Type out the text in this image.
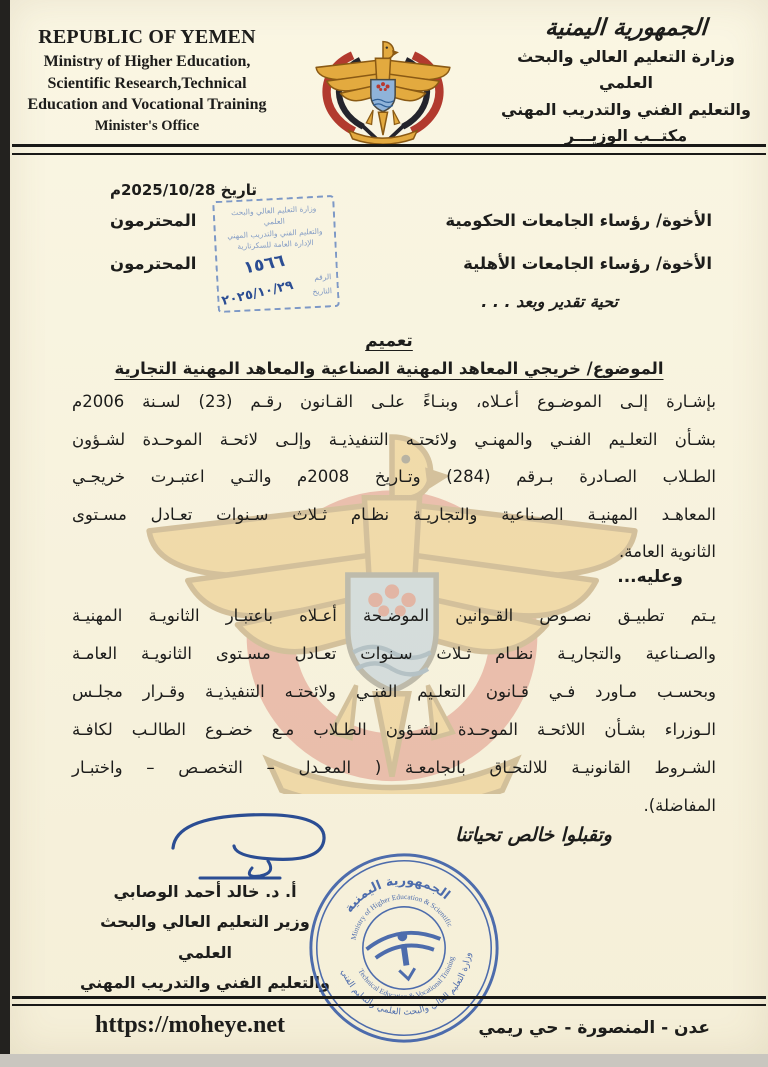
REPUBLIC OF YEMEN
Ministry of Higher Education,
Scientific Research,Technical
Education and Vocational Training
Minister's Office
الجمهورية اليمنية
وزارة التعليم العالي والبحث العلمي
والتعليم الفني والتدريب المهني
مكتــب الوزيـــر
تاريخ 2025/10/28م
الأخوة/ رؤساء الجامعات الحكومية
المحترمون
الأخوة/ رؤساء الجامعات الأهلية
المحترمون
تحية تقدير وبعد . . .
وزارة التعليم العالي والبحث العلمي
والتعليم الفني والتدريب المهني
الإدارة العامة للسكرتارية
الرقم
التاريخ
١٥٦٦
٢٠٢٥/١٠/٢٩
تعميم
الموضوع/ خريجي المعاهد المهنية الصناعية والمعاهد المهنية التجارية
بإشـارة إلـى الموضـوع أعـلاه، وبنـاءً علـى القـانون رقـم (23) لسـنة 2006م
بشـأن التعلـيم الفنـي والمهنـي ولائحتـه التنفيذيـة وإلـى لائحـة الموحـدة لشـؤون
الطـلاب الصـادرة بـرقم (284) وتـاريخ 2008م والتـي اعتبـرت خريجـي
المعاهـد المهنيـة الصـناعية والتجاريـة نظـام ثـلاث سـنوات تعـادل مسـتوى
الثانوية العامة.
وعليه...
يـتم تطبيـق نصـوص القـوانين الموضـحة أعـلاه باعتبـار الثانويـة المهنيـة
والصـناعية والتجاريـة نظـام ثـلاث سـنوات تعـادل مسـتوى الثانويـة العامـة
وبحسـب مـاورد فـي قـانون التعلـيم الفنـي ولائحتـه التنفيذيـة وقـرار مجلـس
الـوزراء بشـأن اللائحـة الموحـدة لشـؤون الطـلاب مـع خضـوع الطالـب لكافـة
الشـروط القانونيـة للالتحـاق بالجامعـة ( المعـدل – التخصـص – واختبـار
المفاضلة).
وتقبلوا خالص تحياتنا
أ. د. خالد أحمد الوصابي
وزير التعليم العالي والبحث العلمي
والتعليم الفني والتدريب المهني
الجمهورية اليمنية
وزارة التعليم العالي والبحث العلمي والتعليم الفني
Ministry of Higher Education & Scientific
Technical Education & Vocational Training
https://moheye.net	عدن - المنصورة - حي ريمي
